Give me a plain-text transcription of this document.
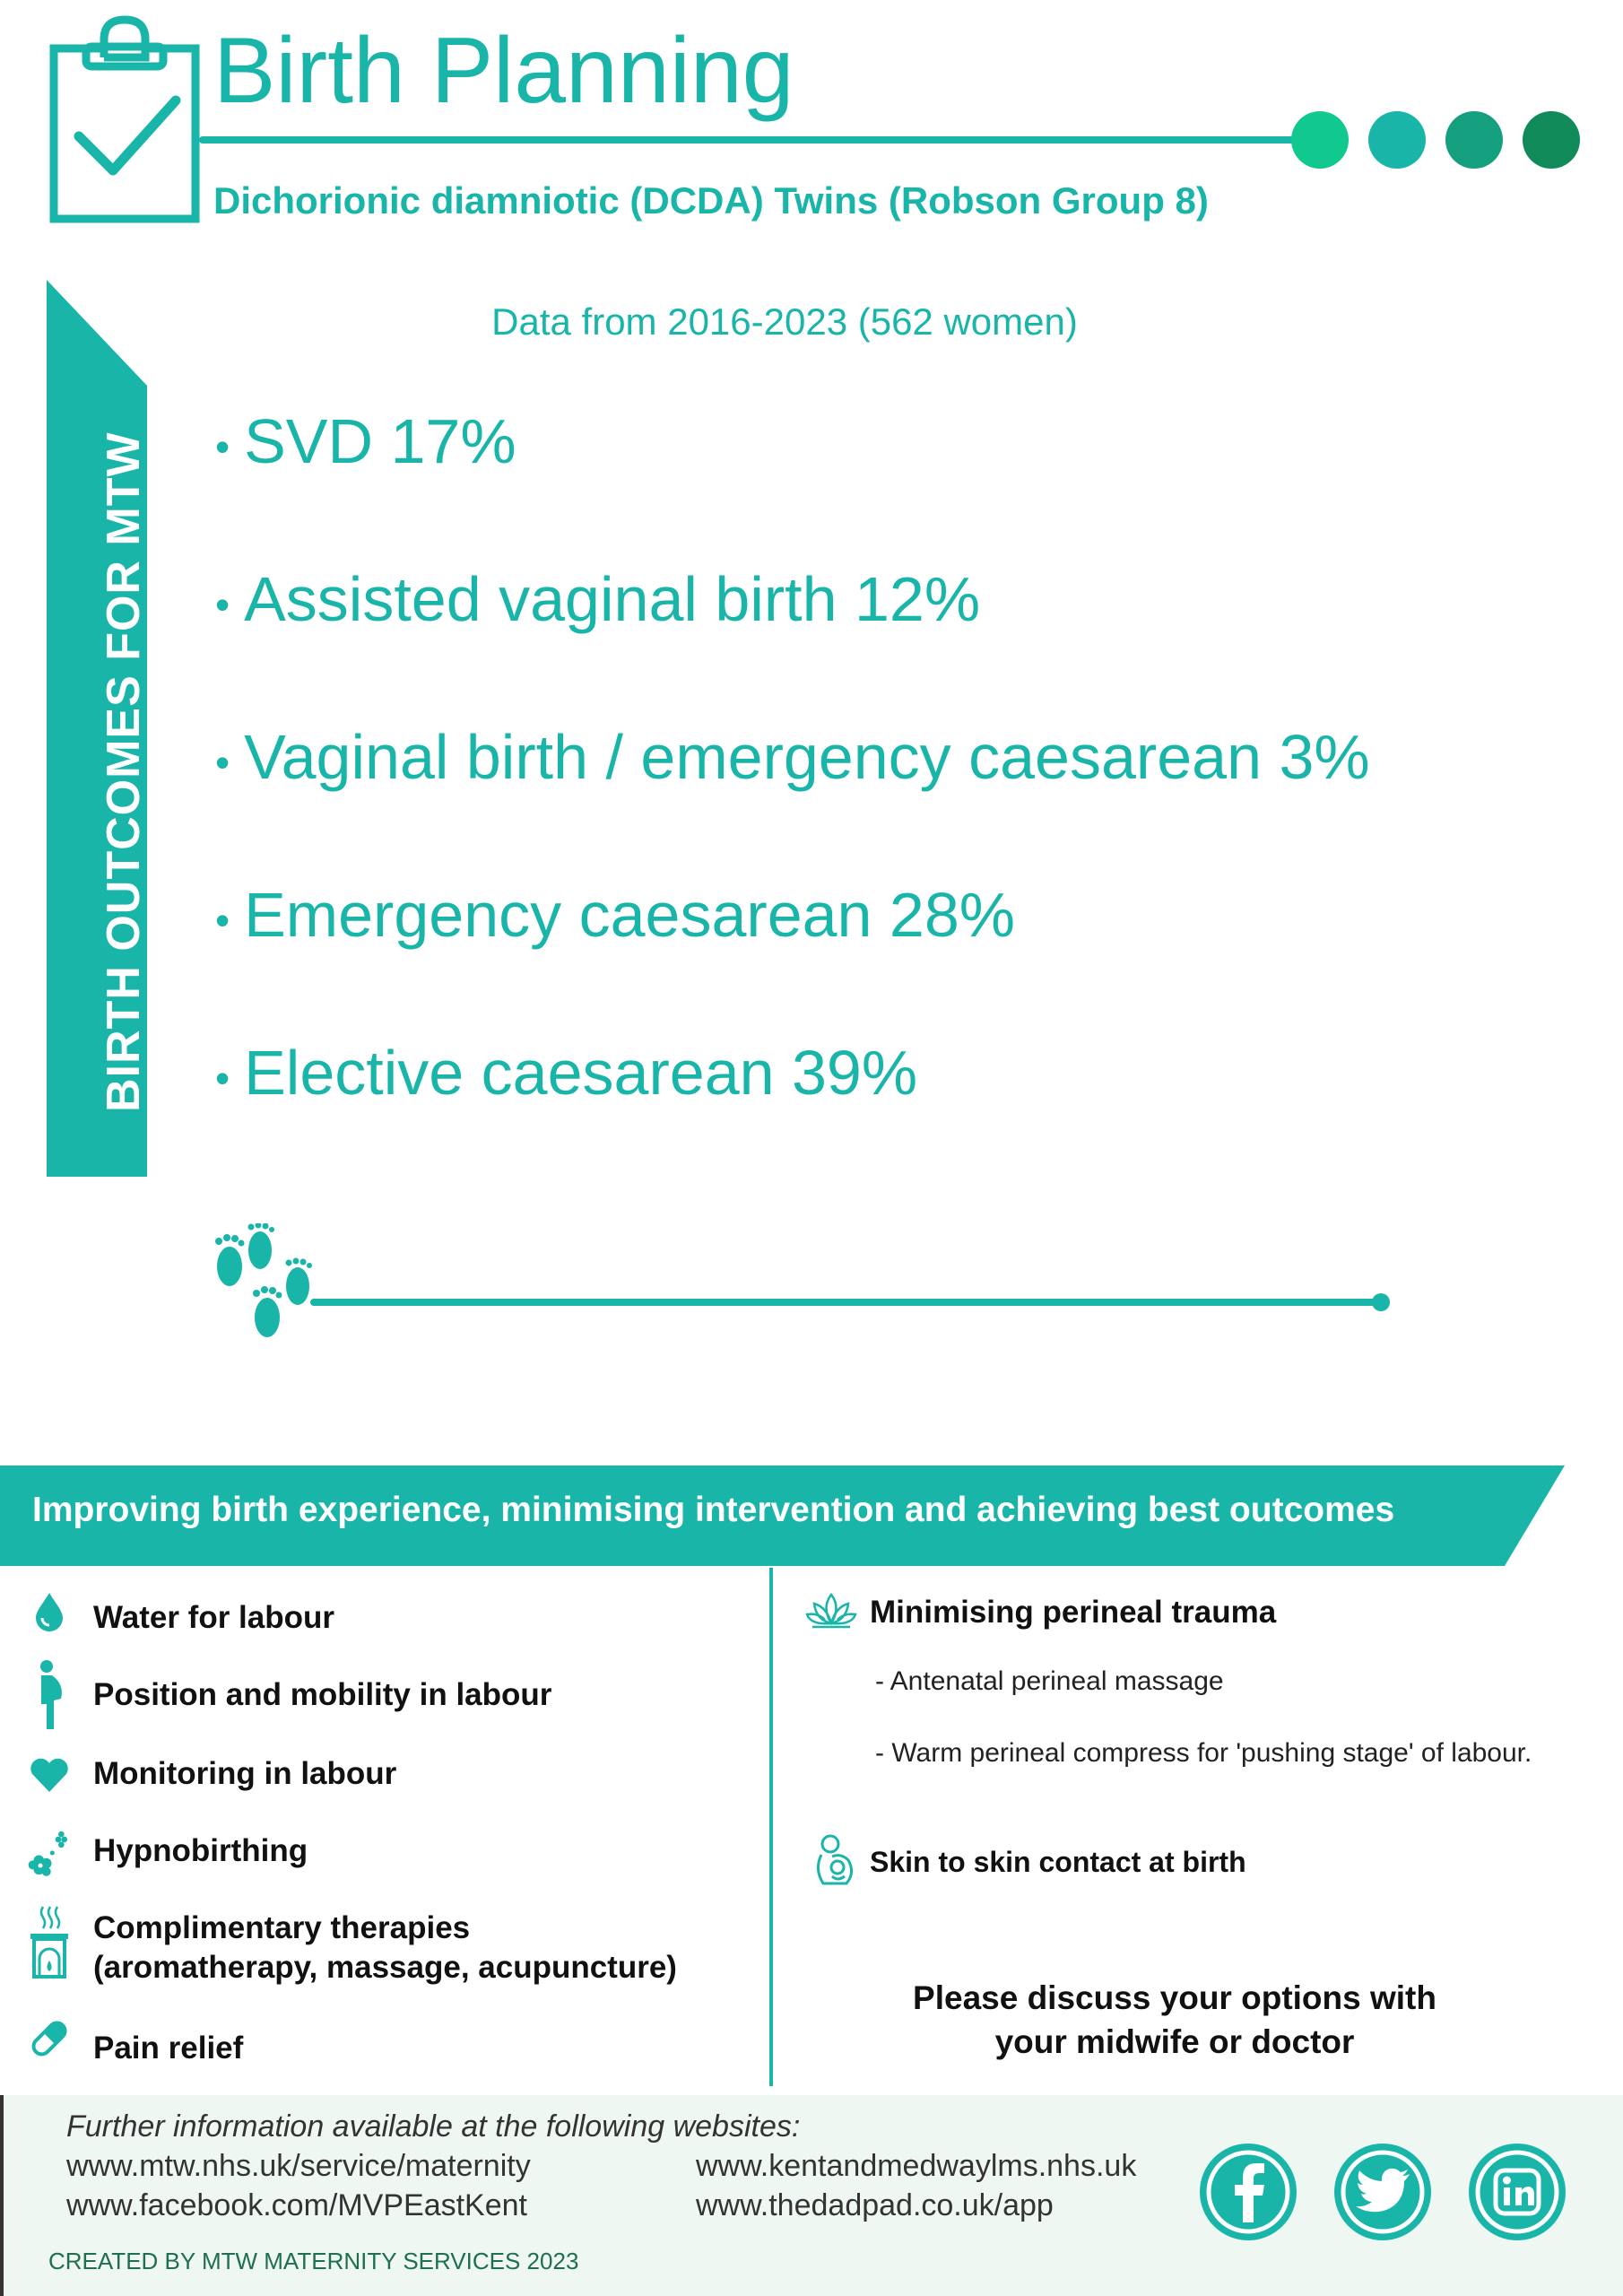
Birth Planning
Dichorionic diamniotic (DCDA) Twins (Robson Group 8)
BIRTH OUTCOMES FOR MTW
Data from 2016-2023 (562 women)
• SVD 17%
• Assisted vaginal birth 12%
• Vaginal birth / emergency caesarean 3%
• Emergency caesarean 28%
• Elective caesarean 39%
Improving birth experience, minimising intervention and achieving best outcomes
Water for labour
Position and mobility in labour
Monitoring in labour
Hypnobirthing
Complimentary therapies
(aromatherapy, massage, acupuncture)
Pain relief
Minimising perineal trauma
- Antenatal perineal massage
- Warm perineal compress for 'pushing stage' of labour.
Skin to skin contact at birth
Please discuss your options with
your midwife or doctor
Further information available at the following websites:
www.mtw.nhs.uk/service/maternity
www.facebook.com/MVPEastKent
www.kentandmedwaylms.nhs.uk
www.thedadpad.co.uk/app
CREATED BY MTW MATERNITY SERVICES 2023
